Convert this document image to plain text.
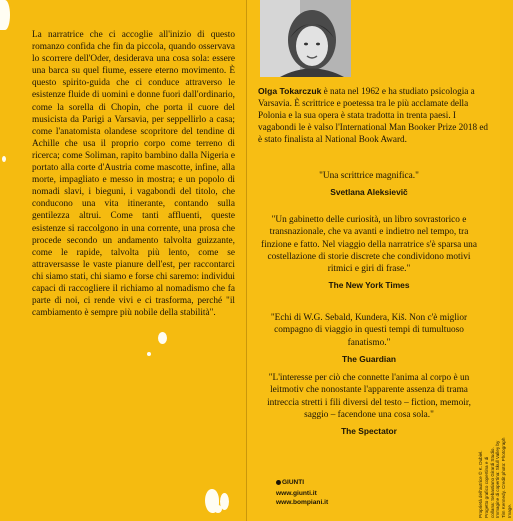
La narratrice che ci accoglie all'inizio di questo romanzo confida che fin da piccola, quando osservava lo scorrere dell'Oder, desiderava una cosa sola: essere una barca su quel fiume, essere eterno movimento. È questo spirito-guida che ci conduce attraverso le esistenze fluide di uomini e donne fuori dall'ordinario, come la sorella di Chopin, che porta il cuore del musicista da Parigi a Varsavia, per seppellirlo a casa; come l'anatomista olandese scopritore del tendine di Achille che usa il proprio corpo come terreno di ricerca; come Soliman, rapito bambino dalla Nigeria e portato alla corte d'Austria come mascotte, infine, alla morte, impagliato e messo in mostra; e un popolo di nomadi slavi, i bieguni, i vagabondi del titolo, che conducono una vita itinerante, contando sulla gentilezza altrui. Come tanti affluenti, queste esistenze si raccolgono in una corrente, una prosa che procede secondo un andamento talvolta guizzante, come le rapide, talvolta più lento, come se attraversasse le vaste pianure dell'est, per raccontarci chi siamo stati, chi siamo e forse chi saremo: individui capaci di raccogliere il richiamo al nomadismo che fa parte di noi, ci rende vivi e ci trasforma, perché "il cambiamento è sempre più nobile della stabilità".

Olga Tokarczuk è nata nel 1962 e ha studiato psicologia a Varsavia. È scrittrice e poetessa tra le più acclamate della Polonia e la sua opera è stata tradotta in trenta paesi. I vagabondi le è valso l'International Man Booker Prize 2018 ed è stato finalista al National Book Award.

"Una scrittrice magnifica."

Svetlana Aleksievič

"Un gabinetto delle curiosità, un libro sovrastorico e transnazionale, che va avanti e indietro nel tempo, tra finzione e fatto. Nel viaggio della narratrice s'è sparsa una costellazione di storie discrete che condividono motivi ritmici e giri di frase."

The New York Times

"Echi di W.G. Sebald, Kundera, Kiš. Non c'è miglior compagno di viaggio in questi tempi di tumultuoso fanatismo."

The Guardian

"L'interesse per ciò che connette l'anima al corpo è un leitmotiv che nonostante l'apparente assenza di trama intreccia stretti i fili diversi del testo – fiction, memoir, saggio – facendone una cosa sola."

The Spectator

GIUNTI
www.giunti.it
www.bompiani.it	Proprietà dell'autrice © K. Dubiel. Progetto grafico copertina e di collana: Sebastiano Girardi Studio. Immagine di copertina: Skull Valley by Tim Kennedy. Credit photo: Photograph Image.
